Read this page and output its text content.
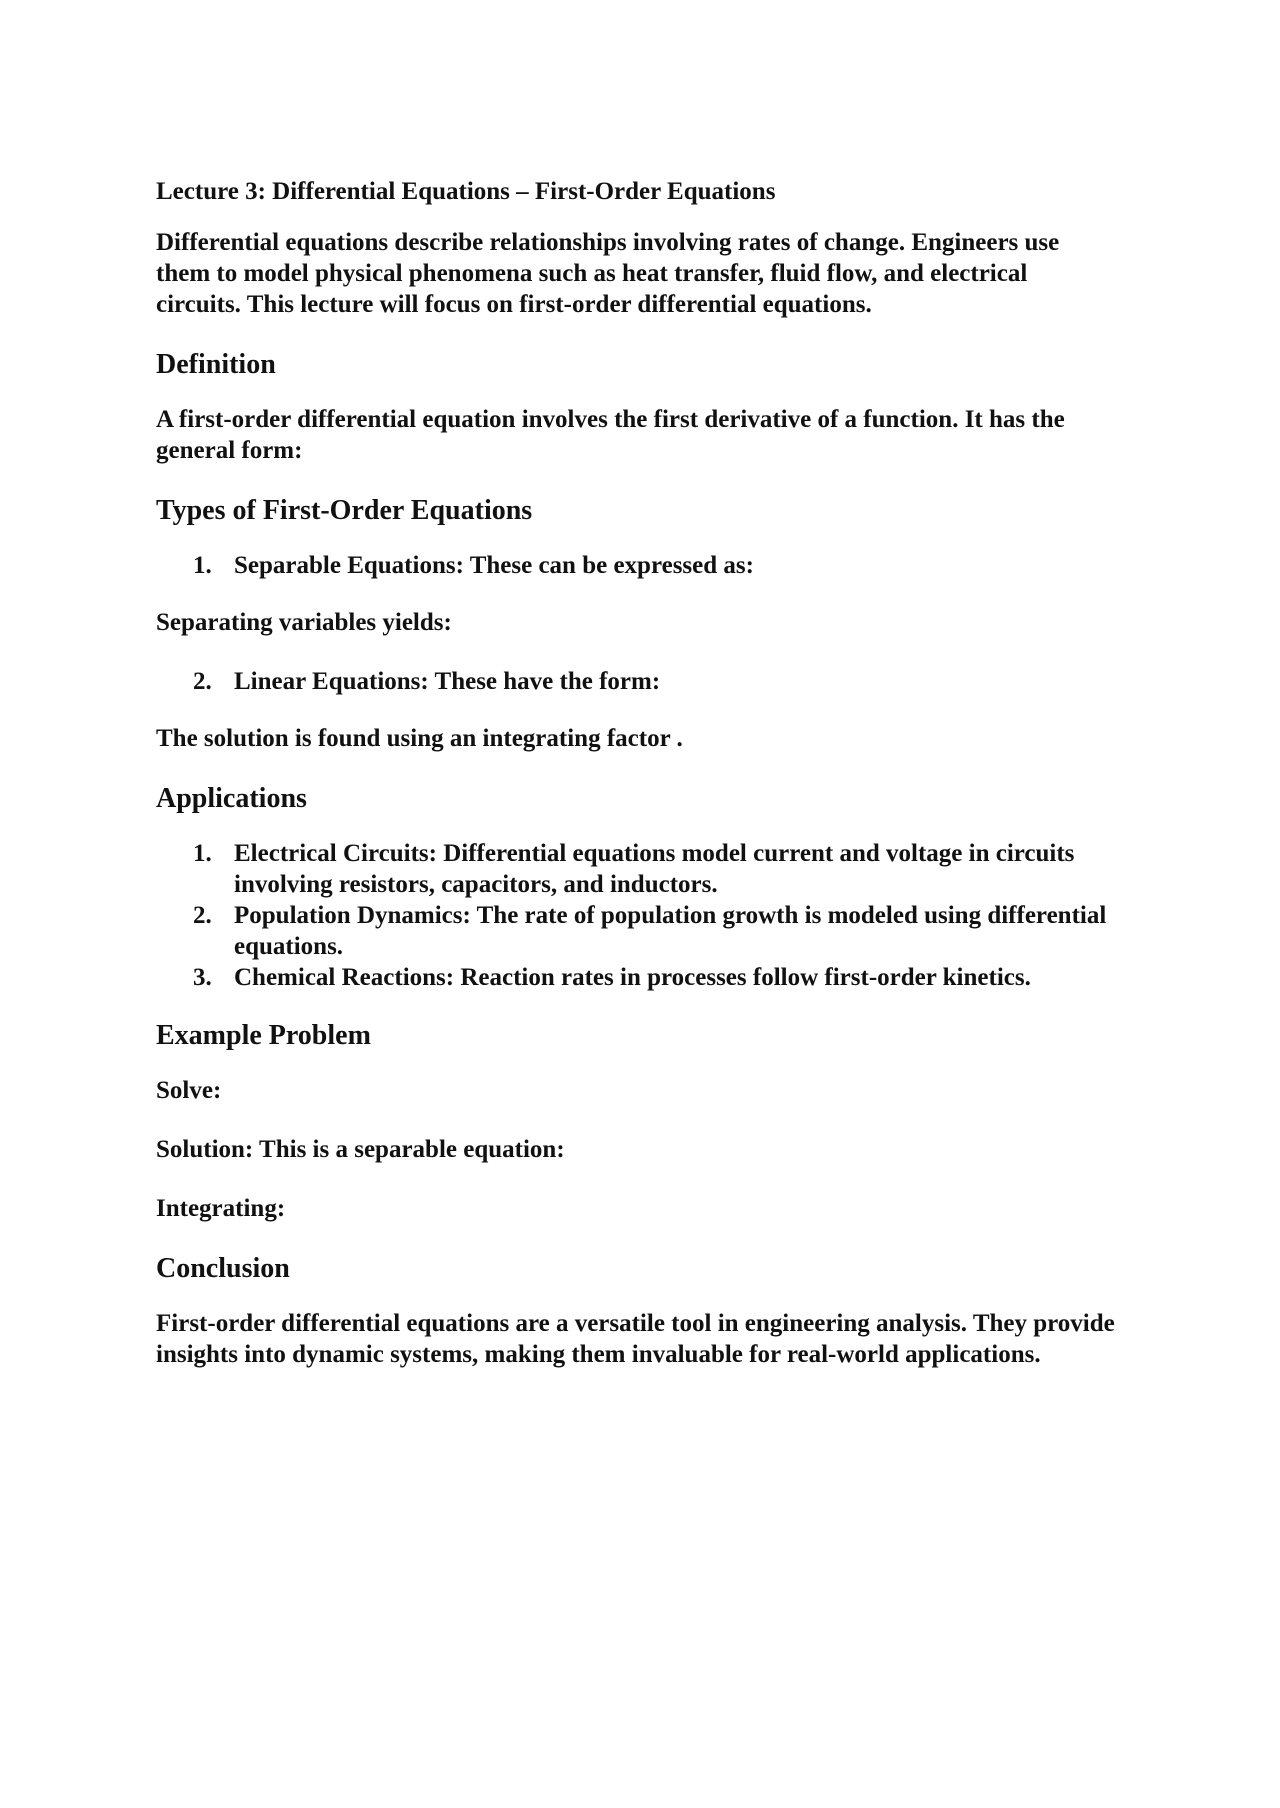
Lecture 3: Differential Equations – First-Order Equations

Differential equations describe relationships involving rates of change. Engineers use them to model physical phenomena such as heat transfer, fluid flow, and electrical circuits. This lecture will focus on first-order differential equations.

Definition

A first-order differential equation involves the first derivative of a function. It has the general form:

Types of First-Order Equations
1. Separable Equations: These can be expressed as:

Separating variables yields:

2. Linear Equations: These have the form:

The solution is found using an integrating factor .

Applications
1. Electrical Circuits: Differential equations model current and voltage in circuits involving resistors, capacitors, and inductors.
2. Population Dynamics: The rate of population growth is modeled using differential equations.
3. Chemical Reactions: Reaction rates in processes follow first-order kinetics.
Example Problem

Solve:

Solution: This is a separable equation:

Integrating:

Conclusion

First-order differential equations are a versatile tool in engineering analysis. They provide insights into dynamic systems, making them invaluable for real-world applications.
